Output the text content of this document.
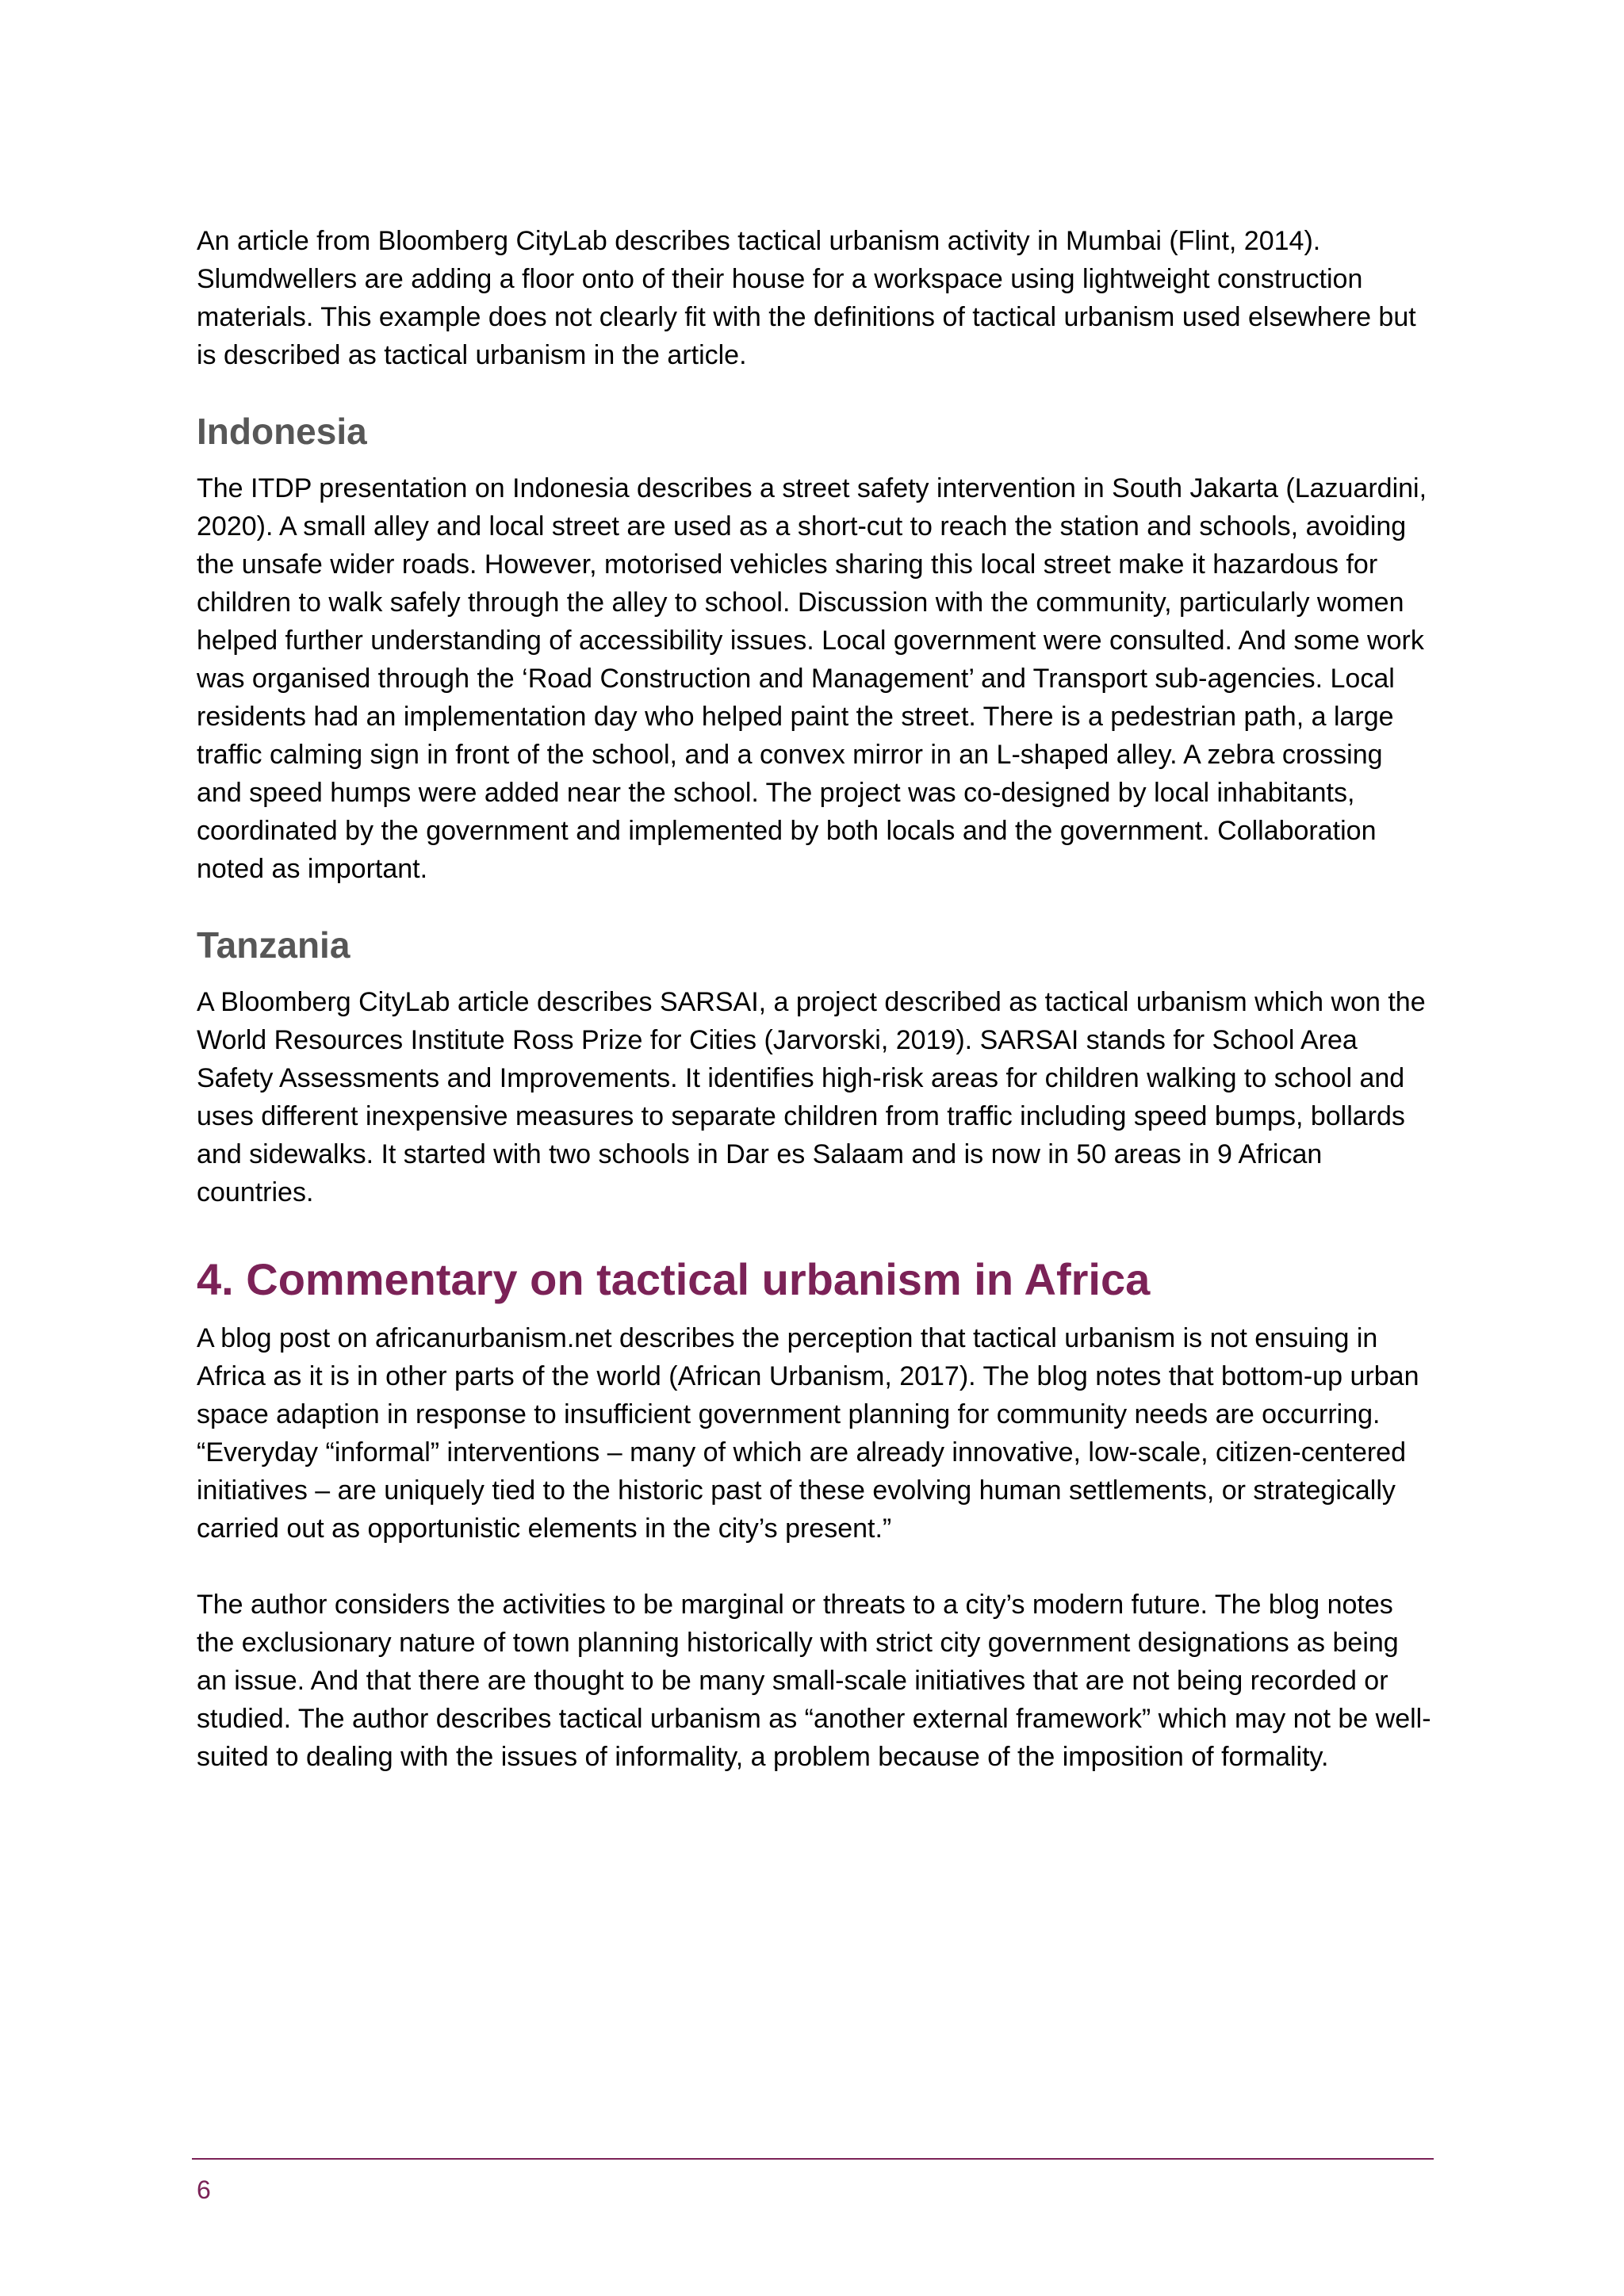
An article from Bloomberg CityLab describes tactical urbanism activity in Mumbai (Flint, 2014). Slumdwellers are adding a floor onto of their house for a workspace using lightweight construction materials. This example does not clearly fit with the definitions of tactical urbanism used elsewhere but is described as tactical urbanism in the article.

Indonesia

The ITDP presentation on Indonesia describes a street safety intervention in South Jakarta (Lazuardini, 2020). A small alley and local street are used as a short-cut to reach the station and schools, avoiding the unsafe wider roads. However, motorised vehicles sharing this local street make it hazardous for children to walk safely through the alley to school. Discussion with the community, particularly women helped further understanding of accessibility issues. Local government were consulted. And some work was organised through the ‘Road Construction and Management’ and Transport sub-agencies. Local residents had an implementation day who helped paint the street. There is a pedestrian path, a large traffic calming sign in front of the school, and a convex mirror in an L-shaped alley. A zebra crossing and speed humps were added near the school. The project was co-designed by local inhabitants, coordinated by the government and implemented by both locals and the government. Collaboration noted as important.

Tanzania

A Bloomberg CityLab article describes SARSAI, a project described as tactical urbanism which won the World Resources Institute Ross Prize for Cities (Jarvorski, 2019). SARSAI stands for School Area Safety Assessments and Improvements. It identifies high-risk areas for children walking to school and uses different inexpensive measures to separate children from traffic including speed bumps, bollards and sidewalks. It started with two schools in Dar es Salaam and is now in 50 areas in 9 African countries.

4. Commentary on tactical urbanism in Africa

A blog post on africanurbanism.net describes the perception that tactical urbanism is not ensuing in Africa as it is in other parts of the world (African Urbanism, 2017). The blog notes that bottom-up urban space adaption in response to insufficient government planning for community needs are occurring. “Everyday “informal” interventions – many of which are already innovative, low-scale, citizen-centered initiatives – are uniquely tied to the historic past of these evolving human settlements, or strategically carried out as opportunistic elements in the city’s present.”

The author considers the activities to be marginal or threats to a city’s modern future. The blog notes the exclusionary nature of town planning historically with strict city government designations as being an issue. And that there are thought to be many small-scale initiatives that are not being recorded or studied. The author describes tactical urbanism as “another external framework” which may not be well-suited to dealing with the issues of informality, a problem because of the imposition of formality.

6
